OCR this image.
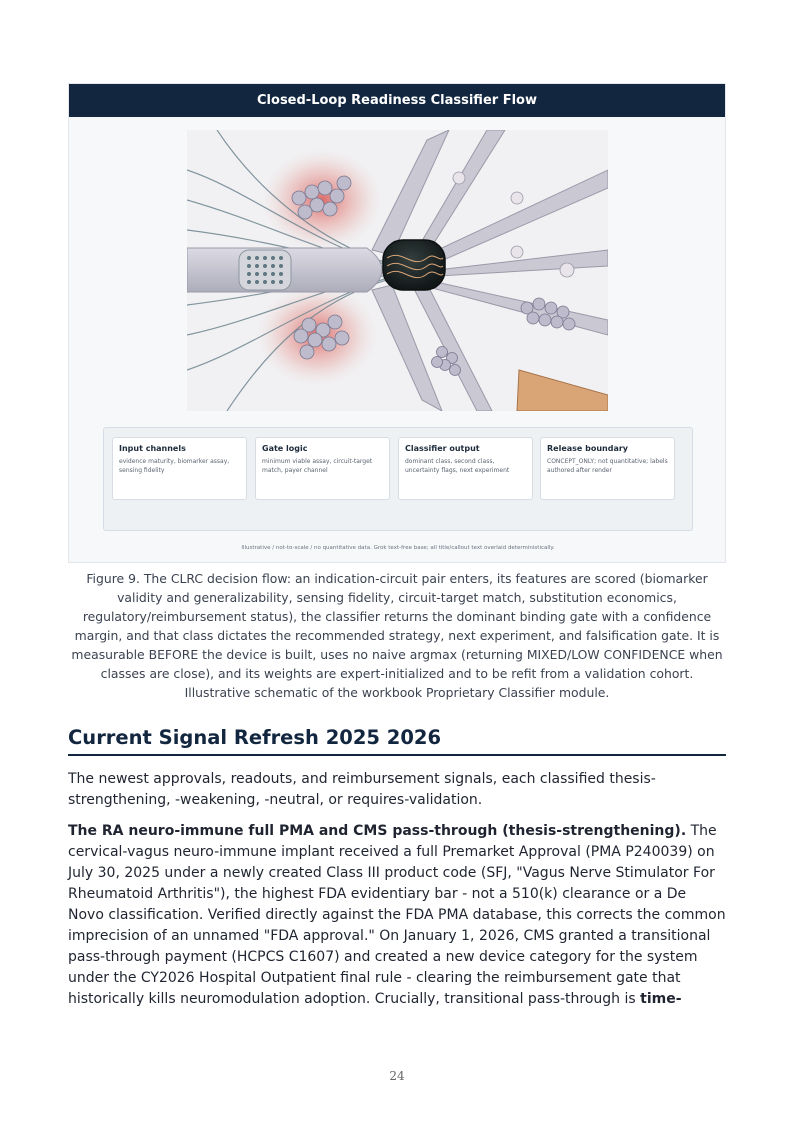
Closed-Loop Readiness Classifier Flow
Input channels
evidence maturity, biomarker assay, sensing fidelity
Gate logic
minimum viable assay, circuit-target match, payer channel
Classifier output
dominant class, second class, uncertainty flags, next experiment
Release boundary
CONCEPT_ONLY; not quantitative; labels authored after render
Illustrative / not-to-scale / no quantitative data. Grok text-free base; all title/callout text overlaid deterministically.
Figure 9. The CLRC decision flow: an indication-circuit pair enters, its features are scored (biomarker validity and generalizability, sensing fidelity, circuit-target match, substitution economics, regulatory/reimbursement status), the classifier returns the dominant binding gate with a confidence margin, and that class dictates the recommended strategy, next experiment, and falsification gate. It is measurable BEFORE the device is built, uses no naive argmax (returning MIXED/LOW CONFIDENCE when classes are close), and its weights are expert-initialized and to be refit from a validation cohort. Illustrative schematic of the workbook Proprietary Classifier module.
Current Signal Refresh 2025 2026
The newest approvals, readouts, and reimbursement signals, each classified thesis-strengthening, -weakening, -neutral, or requires-validation.
The RA neuro-immune full PMA and CMS pass-through (thesis-strengthening). The cervical-vagus neuro-immune implant received a full Premarket Approval (PMA P240039) on July 30, 2025 under a newly created Class III product code (SFJ, "Vagus Nerve Stimulator For Rheumatoid Arthritis"), the highest FDA evidentiary bar - not a 510(k) clearance or a De Novo classification. Verified directly against the FDA PMA database, this corrects the common imprecision of an unnamed "FDA approval." On January 1, 2026, CMS granted a transitional pass-through payment (HCPCS C1607) and created a new device category for the system under the CY2026 Hospital Outpatient final rule - clearing the reimbursement gate that historically kills neuromodulation adoption. Crucially, transitional pass-through is time-
24
